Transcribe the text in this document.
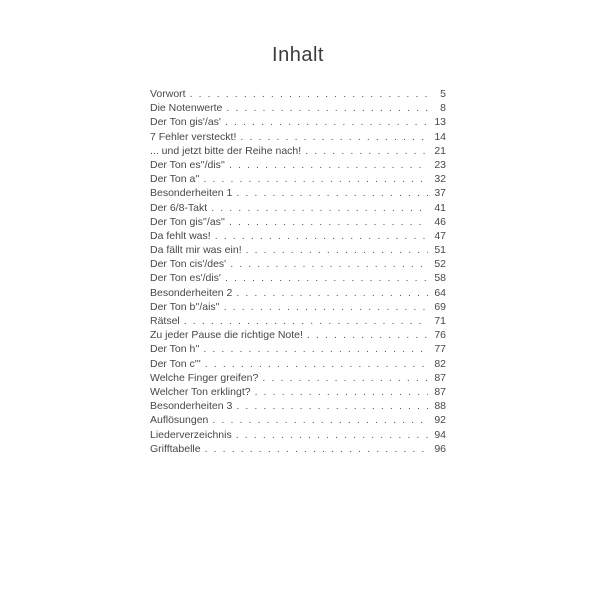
Inhalt
Vorwort . . .	5
Die Notenwerte . . .	8
Der Ton gis'/as' . . .	13
7 Fehler versteckt! . . .	14
... und jetzt bitte der Reihe nach! . . .	21
Der Ton es''/dis'' . . .	23
Der Ton a'' . . .	32
Besonderheiten 1 . . .	37
Der 6/8-Takt . . .	41
Der Ton gis''/as'' . . .	46
Da fehlt was! . . .	47
Da fällt mir was ein! . . .	51
Der Ton cis'/des' . . .	52
Der Ton es'/dis' . . .	58
Besonderheiten 2 . . .	64
Der Ton b''/ais'' . . .	69
Rätsel . . .	71
Zu jeder Pause die richtige Note! . . .	76
Der Ton h'' . . .	77
Der Ton c''' . . .	82
Welche Finger greifen? . . .	87
Welcher Ton erklingt? . . .	87
Besonderheiten 3 . . .	88
Auflösungen . . .	92
Liederverzeichnis . . .	94
Grifftabelle . . .	96
